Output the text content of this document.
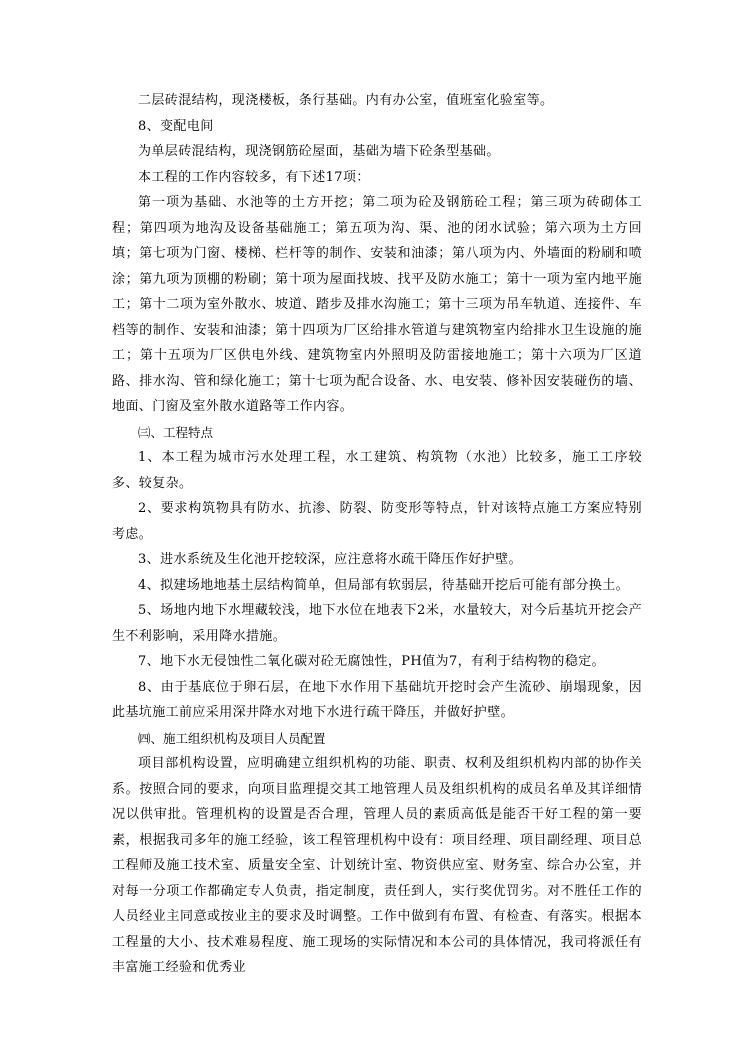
二层砖混结构，现浇楼板，条行基础。内有办公室，值班室化验室等。

8、变配电间

为单层砖混结构，现浇钢筋砼屋面，基础为墙下砼条型基础。

本工程的工作内容较多，有下述17项：

第一项为基础、水池等的土方开挖；第二项为砼及钢筋砼工程；第三项为砖砌体工程；第四项为地沟及设备基础施工；第五项为沟、渠、池的闭水试验；第六项为土方回填；第七项为门窗、楼梯、栏杆等的制作、安装和油漆；第八项为内、外墙面的粉刷和喷涂；第九项为顶棚的粉刷；第十项为屋面找坡、找平及防水施工；第十一项为室内地平施工；第十二项为室外散水、坡道、踏步及排水沟施工；第十三项为吊车轨道、连接件、车档等的制作、安装和油漆；第十四项为厂区给排水管道与建筑物室内给排水卫生设施的施工；第十五项为厂区供电外线、建筑物室内外照明及防雷接地施工；第十六项为厂区道路、排水沟、管和绿化施工；第十七项为配合设备、水、电安装、修补因安装碰伤的墙、地面、门窗及室外散水道路等工作内容。

㈢、工程特点

1、本工程为城市污水处理工程，水工建筑、构筑物（水池）比较多，施工工序较多、较复杂。

2、要求构筑物具有防水、抗渗、防裂、防变形等特点，针对该特点施工方案应特别考虑。

3、进水系统及生化池开挖较深，应注意将水疏干降压作好护壁。

4、拟建场地地基土层结构简单，但局部有软弱层，待基础开挖后可能有部分换土。

5、场地内地下水埋藏较浅，地下水位在地表下2米，水量较大，对今后基坑开挖会产生不利影响，采用降水措施。

7、地下水无侵蚀性二氧化碳对砼无腐蚀性，PH值为7，有利于结构物的稳定。

8、由于基底位于卵石层，在地下水作用下基础坑开挖时会产生流砂、崩塌现象，因此基坑施工前应采用深井降水对地下水进行疏干降压，并做好护壁。

㈣、施工组织机构及项目人员配置

项目部机构设置，应明确建立组织机构的功能、职责、权利及组织机构内部的协作关系。按照合同的要求，向项目监理提交其工地管理人员及组织机构的成员名单及其详细情况以供审批。管理机构的设置是否合理，管理人员的素质高低是能否干好工程的第一要素，根据我司多年的施工经验，该工程管理机构中设有：项目经理、项目副经理、项目总工程师及施工技术室、质量安全室、计划统计室、物资供应室、财务室、综合办公室，并对每一分项工作都确定专人负责，指定制度，责任到人，实行奖优罚劣。对不胜任工作的人员经业主同意或按业主的要求及时调整。工作中做到有布置、有检查、有落实。根据本工程量的大小、技术难易程度、施工现场的实际情况和本公司的具体情况，我司将派任有丰富施工经验和优秀业
